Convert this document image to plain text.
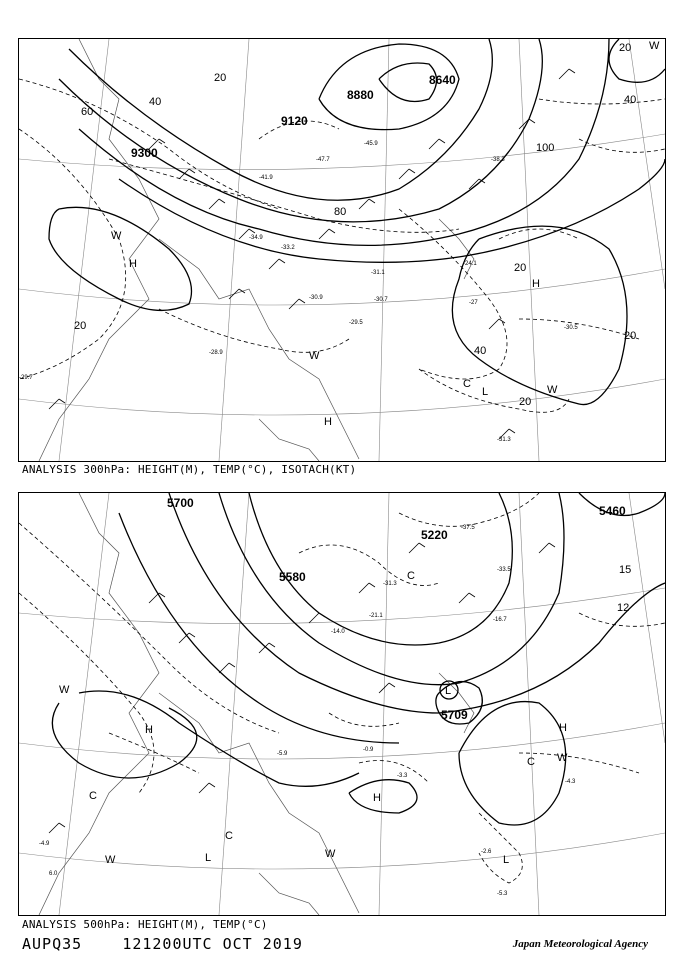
8640
8880
9120
9300
20
40
60
80
100
20
40
20
20
20
40
20
H
H
H
L
W
W
W
W
C
-47.7
-45.9
-41.9
-38.3
-34.9
-33.2
-31.1
-30.9	-30.7
-29.5
-28.9
-29.7
-30.5
-31.3
-24.1
-27
ANALYSIS 300hPa: HEIGHT(M), TEMP(°C), ISOTACH(KT)
L
5220
5460
5580
5700
5709
H
H
H
L	L
W
W	W
W
C
C
C
C
15
12
-37.5
-33.5
-31.3
-21.1
-16.7
-14.0
-5.9
-3.3
-0.9
-4.9
-4.3
-5.3
-2.6
6.0
ANALYSIS 500hPa: HEIGHT(M), TEMP(°C)
AUPQ35	121200UTC OCT 2019	Japan Meteorological Agency
